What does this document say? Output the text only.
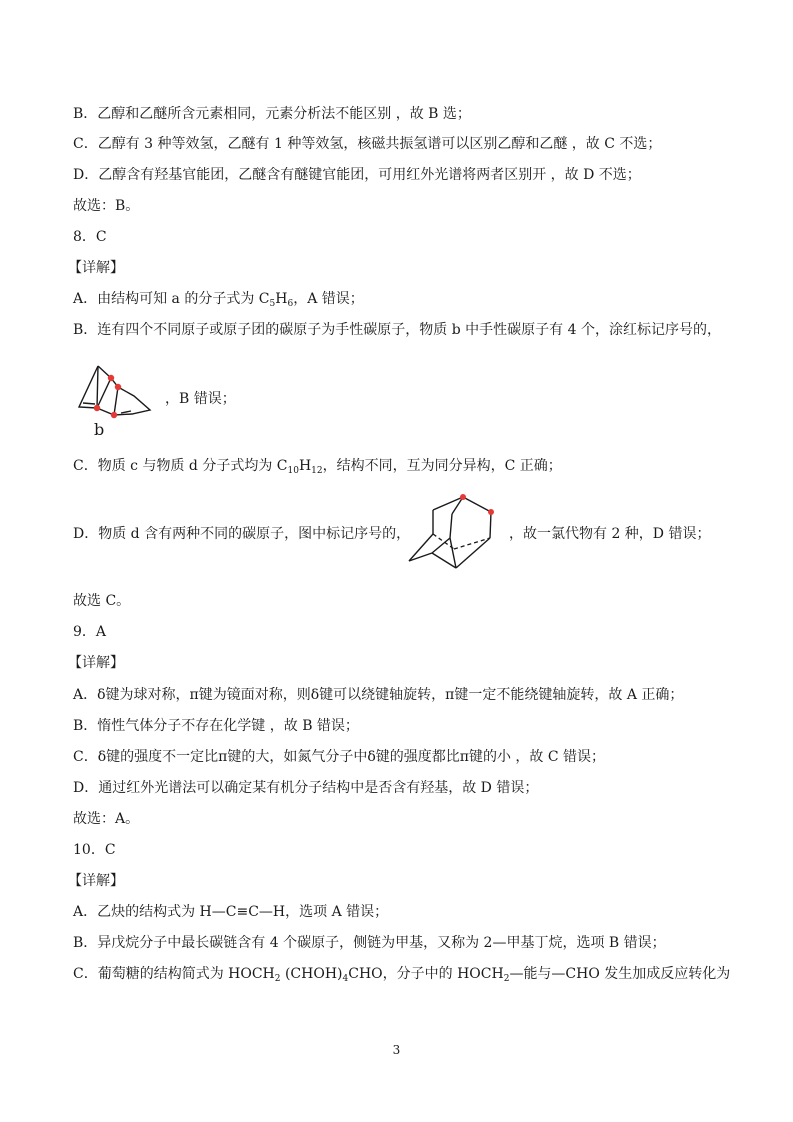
B．乙醇和乙醚所含元素相同，元素分析法不能区别 ，故 B 选；
C．乙醇有 3 种等效氢，乙醚有 1 种等效氢，核磁共振氢谱可以区别乙醇和乙醚 ，故 C 不选；
D．乙醇含有羟基官能团，乙醚含有醚键官能团，可用红外光谱将两者区别开 ，故 D 不选；
故选：B。
8．C
【详解】
A．由结构可知 a 的分子式为 $C_5H_6$，A 错误；
B．连有四个不同原子或原子团的碳原子为手性碳原子，物质 b 中手性碳原子有 4 个，涂红标记序号的，
b
，B 错误；
C．物质 c 与物质 d 分子式均为 $C_{10}H_{12}$，结构不同，互为同分异构，C 正确；
D．物质 d 含有两种不同的碳原子，图中标记序号的，	，故一氯代物有 2 种，D 错误；
故选 C。
9．A
【详解】
A．δ键为球对称，π键为镜面对称，则δ键可以绕键轴旋转，π键一定不能绕键轴旋转，故 A 正确；
B．惰性气体分子不存在化学键 ，故 B 错误；
C．δ键的强度不一定比π键的大，如氮气分子中δ键的强度都比π键的小 ，故 C 错误；
D．通过红外光谱法可以确定某有机分子结构中是否含有羟基，故 D 错误；
故选：A。
10．C
【详解】
A．乙炔的结构式为 H—C≡C—H，选项 A 错误；
B．异戊烷分子中最长碳链含有 4 个碳原子，侧链为甲基，又称为 2—甲基丁烷，选项 B 错误；
C．葡萄糖的结构简式为 $HOCH_2$ $(CHOH)_4CHO$，分子中的 $HOCH_2—$能与—CHO 发生加成反应转化为
3
